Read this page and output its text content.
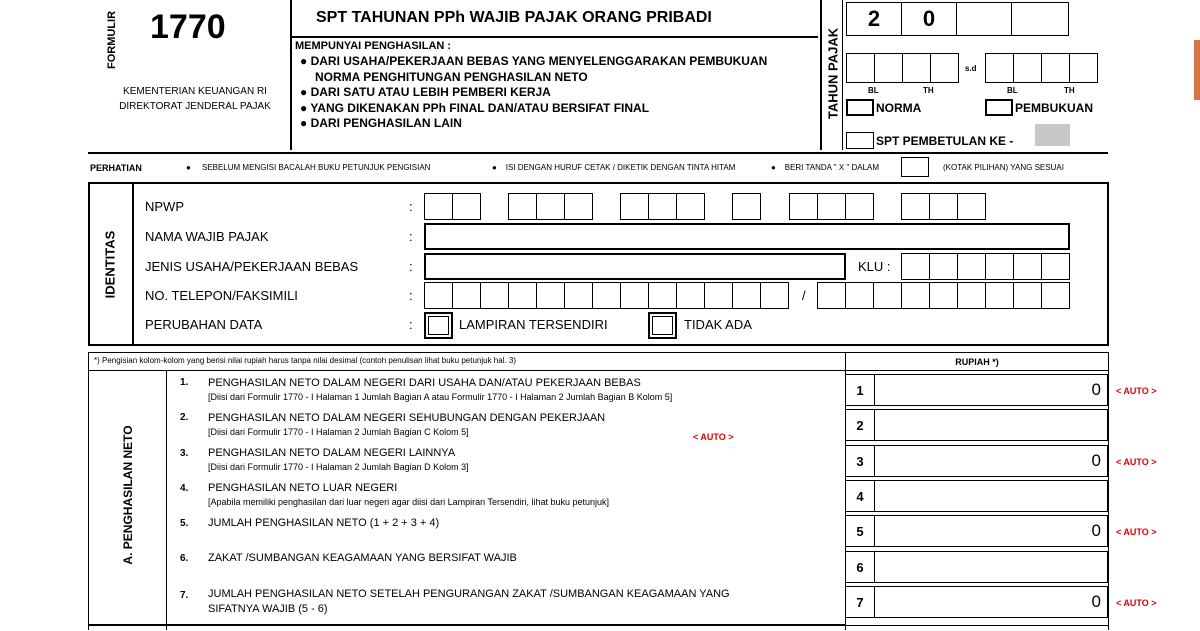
FORMULIR 1770
KEMENTERIAN KEUANGAN RI
DIREKTORAT JENDERAL PAJAK
SPT TAHUNAN PPh WAJIB PAJAK ORANG PRIBADI
MEMPUNYAI PENGHASILAN :
● DARI USAHA/PEKERJAAN BEBAS YANG MENYELENGGARAKAN PEMBUKUAN
NORMA PENGHITUNGAN PENGHASILAN NETO
● DARI SATU ATAU LEBIH PEMBERI KERJA
● YANG DIKENAKAN PPh FINAL DAN/ATAU BERSIFAT FINAL
● DARI PENGHASILAN LAIN
TAHUN PAJAK
2	0
s.d
BL	TH	BL	TH
NORMA	PEMBUKUAN
SPT PEMBETULAN KE -
PERHATIAN	●     SEBELUM MENGISI BACALAH BUKU PETUNJUK PENGISIAN	●    ISI DENGAN HURUF CETAK / DIKETIK DENGAN TINTA HITAM	●    BERI TANDA " X " DALAM	(KOTAK PILIHAN) YANG SESUAI
IDENTITAS
NPWP	:
NAMA WAJIB PAJAK	:
JENIS USAHA/PEKERJAAN BEBAS	:	KLU :
NO. TELEPON/FAKSIMILI	:	/
PERUBAHAN DATA	:	LAMPIRAN TERSENDIRI	TIDAK ADA
*) Pengisian kolom-kolom yang berisi nilai rupiah harus tanpa nilai desimal (contoh penulisan lihat buku petunjuk hal. 3)	RUPIAH *)
A. PENGHASILAN NETO	< AUTO >
1. PENGHASILAN NETO DALAM NEGERI DARI USAHA DAN/ATAU PEKERJAAN BEBAS
[Diisi dari Formulir 1770 - I Halaman 1 Jumlah Bagian A atau Formulir 1770 - I Halaman 2 Jumlah Bagian B Kolom 5]	1	0	< AUTO >
2. PENGHASILAN NETO DALAM NEGERI SEHUBUNGAN DENGAN PEKERJAAN
[Diisi dari Formulir 1770 - I Halaman 2 Jumlah Bagian C Kolom 5]	2
3. PENGHASILAN NETO DALAM NEGERI LAINNYA
[Diisi dari Formulir 1770 - I Halaman 2 Jumlah Bagian D Kolom 3]	3	0	< AUTO >
4. PENGHASILAN NETO LUAR NEGERI
[Apabila memiliki penghasilan dari luar negeri agar diisi dari Lampiran Tersendiri, lihat buku petunjuk]	4
5. JUMLAH PENGHASILAN NETO (1 + 2 + 3 + 4)
5	0	< AUTO >
6. ZAKAT /SUMBANGAN KEAGAMAAN YANG BERSIFAT WAJIB
6
7. JUMLAH PENGHASILAN NETO SETELAH PENGURANGAN ZAKAT /SUMBANGAN KEAGAMAAN YANG
SIFATNYA WAJIB (5 - 6)	7	0	< AUTO >
